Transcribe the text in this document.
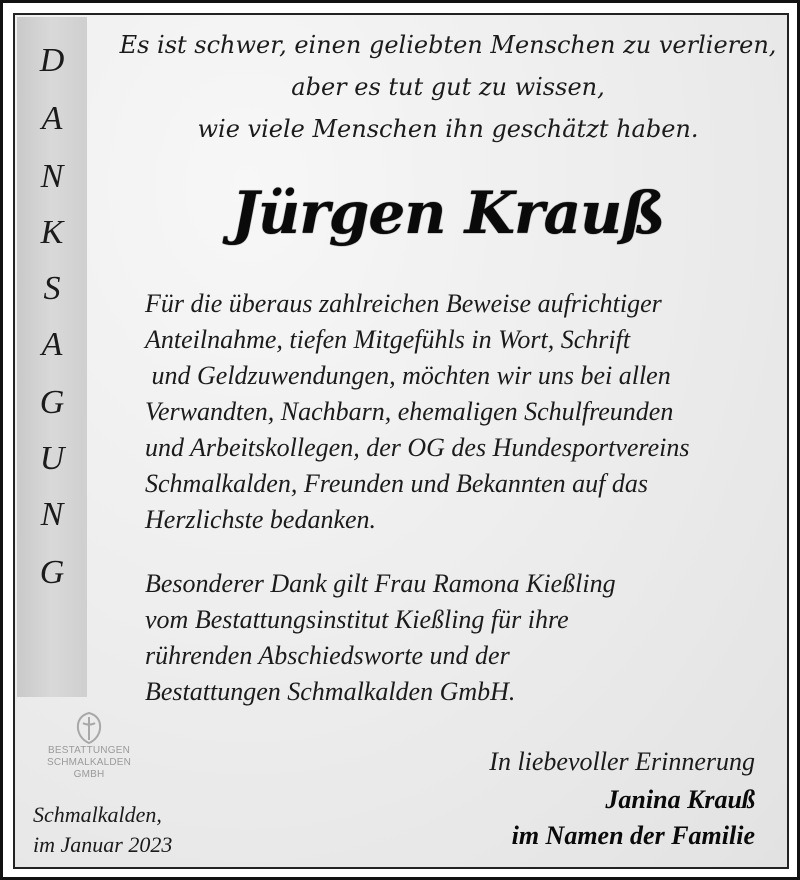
D
A
N
K
S
A
G
U
N
G
Es ist schwer, einen geliebten Menschen zu verlieren,
aber es tut gut zu wissen,
wie viele Menschen ihn geschätzt haben.
Jürgen Krauß
Für die überaus zahlreichen Beweise aufrichtiger
Anteilnahme, tiefen Mitgefühls in Wort, Schrift
und Geldzuwendungen, möchten wir uns bei allen
Verwandten, Nachbarn, ehemaligen Schulfreunden
und Arbeitskollegen, der OG des Hundesportvereins
Schmalkalden, Freunden und Bekannten auf das
Herzlichste bedanken.
Besonderer Dank gilt Frau Ramona Kießling
vom Bestattungsinstitut Kießling für ihre
rührenden Abschiedsworte und der
Bestattungen Schmalkalden GmbH.
BESTATTUNGEN
SCHMALKALDEN
GMBH
Schmalkalden,
im Januar 2023
In liebevoller Erinnerung
Janina Krauß
im Namen der Familie
